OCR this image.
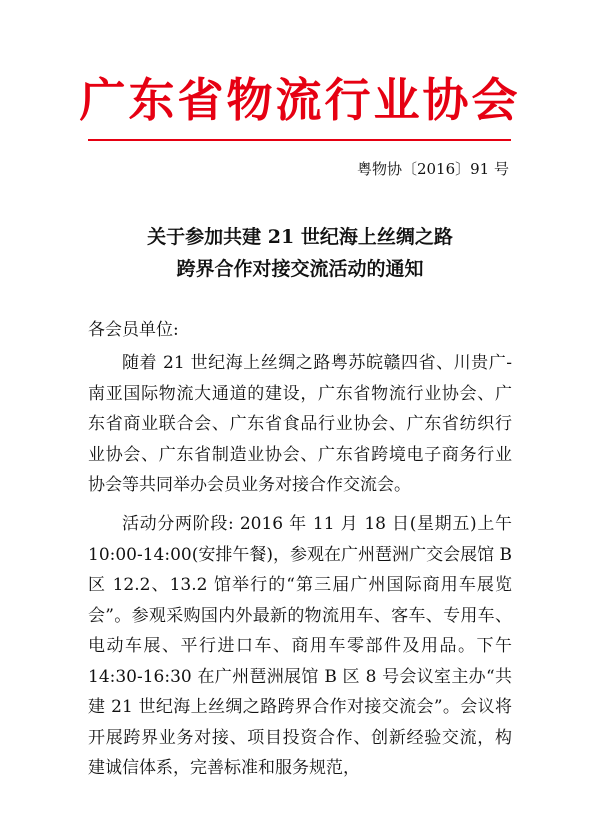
广东省物流行业协会
粤物协〔2016〕91 号
关于参加共建 21 世纪海上丝绸之路
跨界合作对接交流活动的通知
各会员单位:
随着 21 世纪海上丝绸之路粤苏皖赣四省、川贵广-南亚国际物流大通道的建设，广东省物流行业协会、广东省商业联合会、广东省食品行业协会、广东省纺织行业协会、广东省制造业协会、广东省跨境电子商务行业协会等共同举办会员业务对接合作交流会。
活动分两阶段: 2016 年 11 月 18 日(星期五)上午 10:00-14:00(安排午餐)，参观在广州琶洲广交会展馆 B 区 12.2、13.2 馆举行的“第三届广州国际商用车展览会”。参观采购国内外最新的物流用车、客车、专用车、电动车展、平行进口车、商用车零部件及用品。下午 14:30-16:30 在广州琶洲展馆 B 区 8 号会议室主办“共建 21 世纪海上丝绸之路跨界合作对接交流会”。会议将开展跨界业务对接、项目投资合作、创新经验交流，构建诚信体系，完善标准和服务规范，
